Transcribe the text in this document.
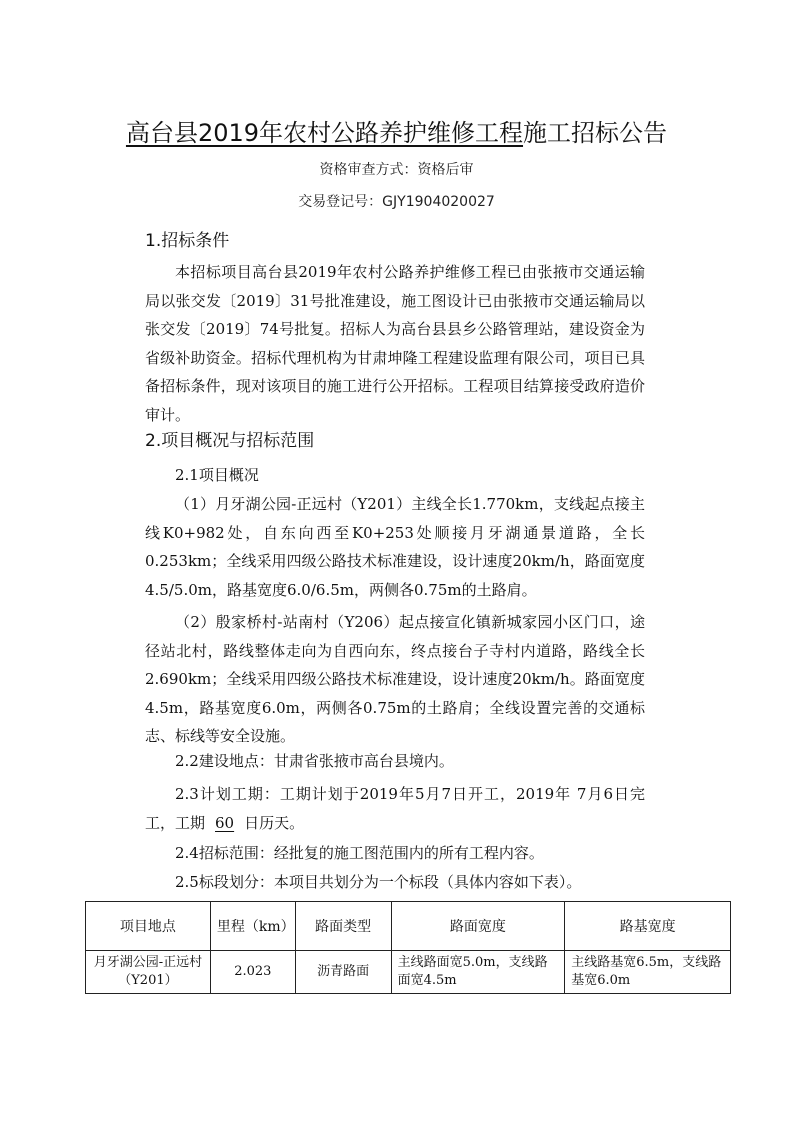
高台县2019年农村公路养护维修工程施工招标公告
资格审查方式：资格后审
交易登记号：GJY1904020027
1.招标条件
本招标项目高台县2019年农村公路养护维修工程已由张掖市交通运输局以张交发〔2019〕31号批准建设，施工图设计已由张掖市交通运输局以张交发〔2019〕74号批复。招标人为高台县县乡公路管理站，建设资金为省级补助资金。招标代理机构为甘肃坤隆工程建设监理有限公司，项目已具备招标条件，现对该项目的施工进行公开招标。工程项目结算接受政府造价审计。
2.项目概况与招标范围
2.1项目概况
（1）月牙湖公园-正远村（Y201）主线全长1.770km，支线起点接主线K0+982处，自东向西至K0+253处顺接月牙湖通景道路，全长0.253km；全线采用四级公路技术标准建设，设计速度20km/h，路面宽度4.5/5.0m，路基宽度6.0/6.5m，两侧各0.75m的土路肩。
（2）殷家桥村-站南村（Y206）起点接宣化镇新城家园小区门口，途径站北村，路线整体走向为自西向东，终点接台子寺村内道路，路线全长2.690km；全线采用四级公路技术标准建设，设计速度20km/h。路面宽度4.5m，路基宽度6.0m，两侧各0.75m的土路肩；全线设置完善的交通标志、标线等安全设施。
2.2建设地点：甘肃省张掖市高台县境内。
2.3计划工期：工期计划于2019年5月7日开工，2019年 7月6日完工，工期 60 日历天。
2.4招标范围：经批复的施工图范围内的所有工程内容。
2.5标段划分：本项目共划分为一个标段（具体内容如下表）。
项目地点	里程（km）	路面类型	路面宽度	路基宽度
月牙湖公园-正远村（Y201）	2.023	沥青路面	主线路面宽5.0m，支线路面宽4.5m	主线路基宽6.5m，支线路基宽6.0m
